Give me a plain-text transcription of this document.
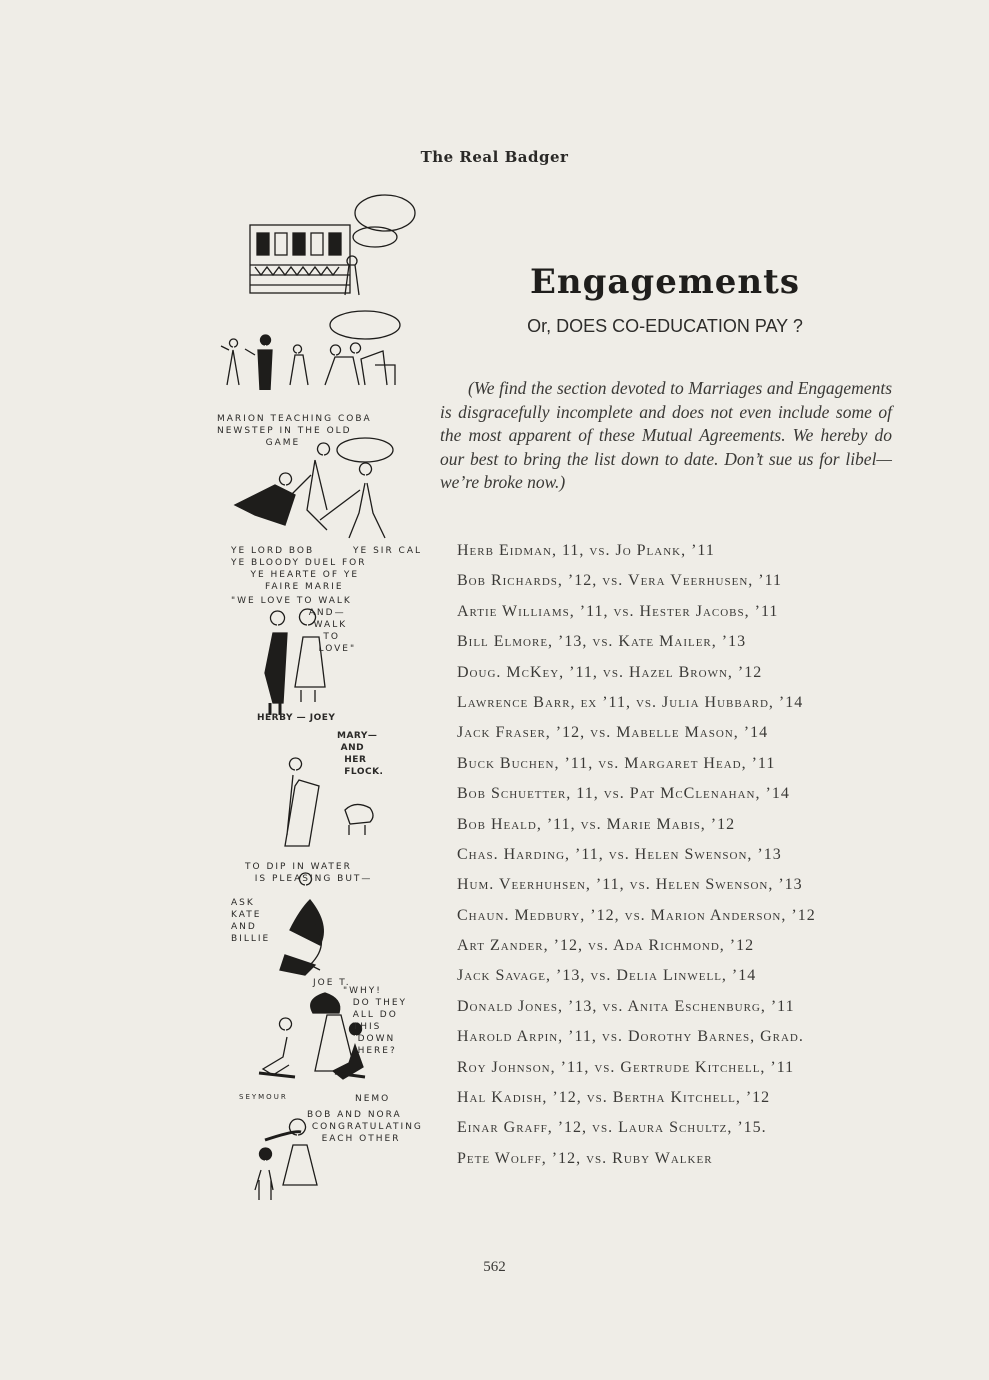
The Real Badger
MARION TEACHING COBA
NEWSTEP IN THE OLD
GAME
YE LORD BOB        YE SIR CAL
YE BLOODY DUEL FOR
YE HEARTE OF YE
FAIRE MARIE
"WE LOVE TO WALK
AND—
WALK
TO
LOVE"
HERBY — JOEY
MARY—
AND
HER
FLOCK.
TO DIP IN WATER
IS PLEASING BUT—
ASK
KATE
AND
BILLIE
JOE T.
"WHY!
DO THEY
ALL DO
THIS
DOWN
HERE?
SEYMOUR	NEMO
BOB AND NORA
CONGRATULATING
EACH OTHER
Engagements
Or, DOES CO-EDUCATION PAY ?
(We find the section devoted to Marriages and Engagements is disgracefully incomplete and does not even include some of the most apparent of these Mutual Agreements. We hereby do our best to bring the list down to date. Don’t sue us for libel—we’re broke now.)
Herb Eidman, 11, vs. Jo Plank, ’11
Bob Richards, ’12, vs. Vera Veerhusen, ’11
Artie Williams, ’11, vs. Hester Jacobs, ’11
Bill Elmore, ’13, vs. Kate Mailer, ’13
Doug. McKey, ’11, vs. Hazel Brown, ’12
Lawrence Barr, ex ’11, vs. Julia Hubbard, ’14
Jack Fraser, ’12, vs. Mabelle Mason, ’14
Buck Buchen, ’11, vs. Margaret Head, ’11
Bob Schuetter, 11, vs. Pat McClenahan, ’14
Bob Heald, ’11, vs. Marie Mabis, ’12
Chas. Harding, ’11, vs. Helen Swenson, ’13
Hum. Veerhuhsen, ’11, vs. Helen Swenson, ’13
Chaun. Medbury, ’12, vs. Marion Anderson, ’12
Art Zander, ’12, vs. Ada Richmond, ’12
Jack Savage, ’13, vs. Delia Linwell, ’14
Donald Jones, ’13, vs. Anita Eschenburg, ’11
Harold Arpin, ’11, vs. Dorothy Barnes, Grad.
Roy Johnson, ’11, vs. Gertrude Kitchell, ’11
Hal Kadish, ’12, vs. Bertha Kitchell, ’12
Einar Graff, ’12, vs. Laura Schultz, ’15.
Pete Wolff, ’12, vs. Ruby Walker
562
